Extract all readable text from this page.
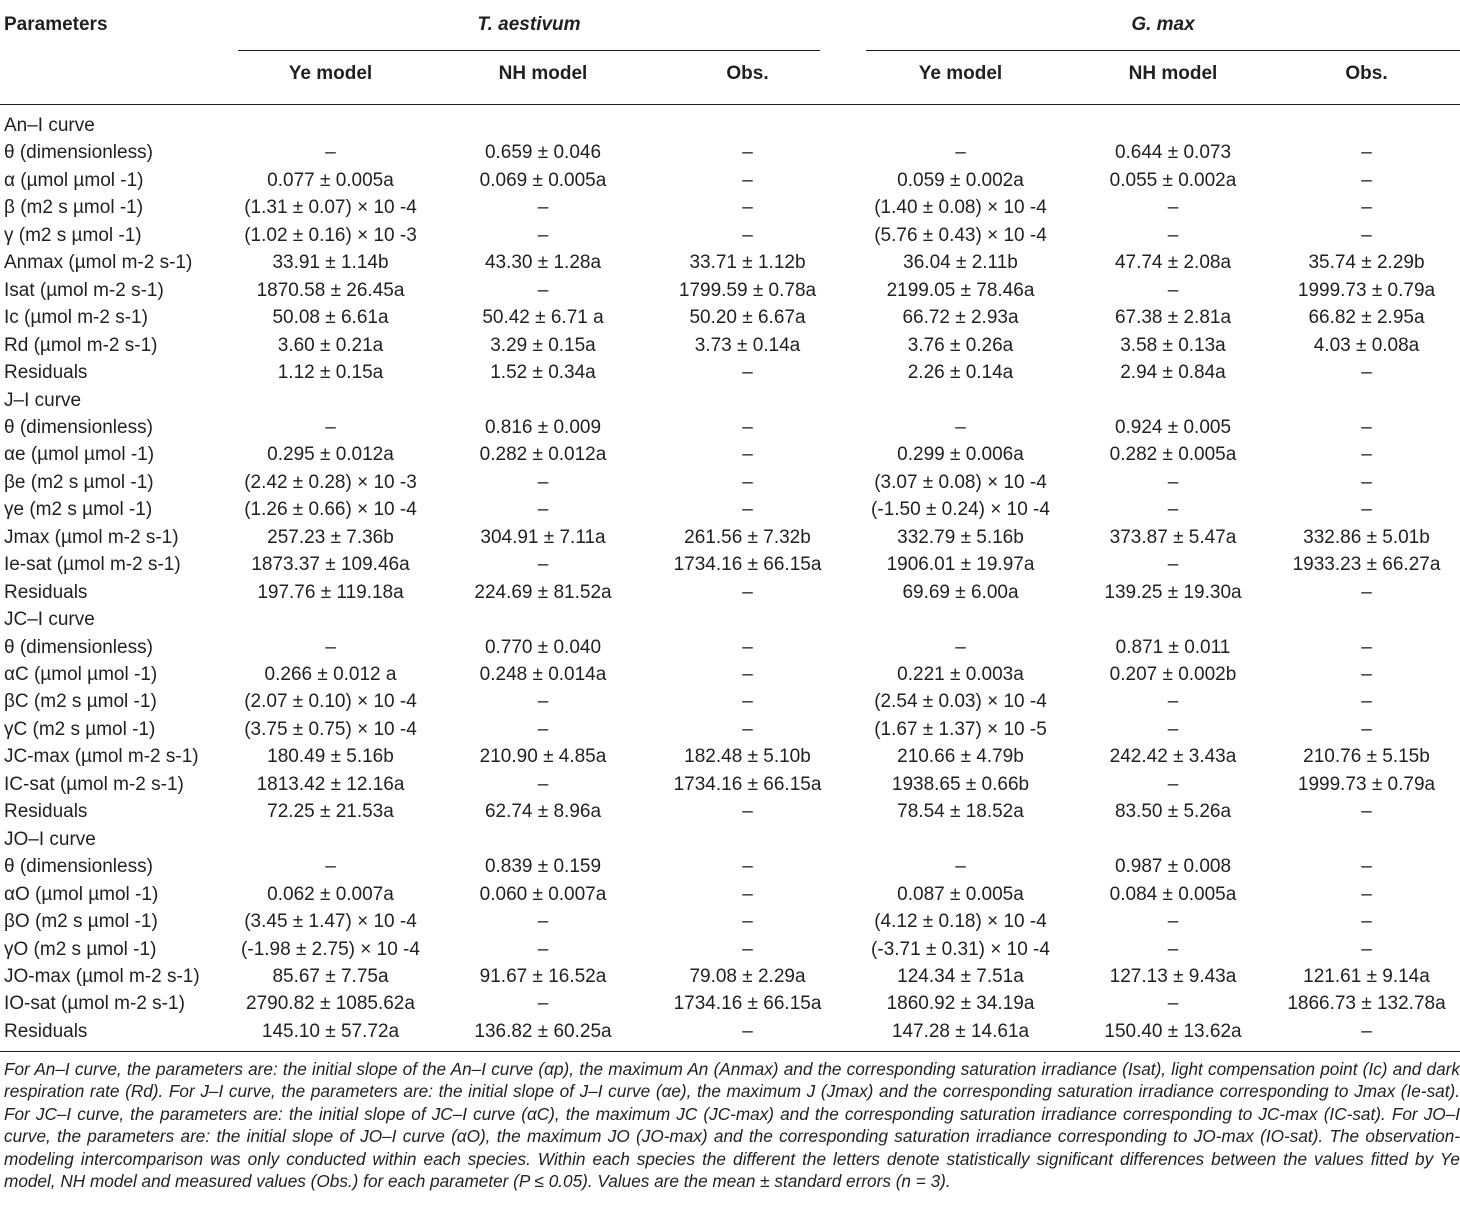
Parameters	T. aestivum	G. max
Ye model	NH model	Obs.	Ye model	NH model	Obs.
An–I curve
θ (dimensionless)	–	0.659 ± 0.046	–	–	0.644 ± 0.073	–
α (µmol µmol -1)	0.077 ± 0.005a	0.069 ± 0.005a	–	0.059 ± 0.002a	0.055 ± 0.002a	–
β (m2 s µmol -1)	(1.31 ± 0.07) × 10 -4	–	–	(1.40 ± 0.08) × 10 -4	–	–
γ (m2 s µmol -1)	(1.02 ± 0.16) × 10 -3	–	–	(5.76 ± 0.43) × 10 -4	–	–
Anmax (µmol m-2 s-1)	33.91 ± 1.14b	43.30 ± 1.28a	33.71 ± 1.12b	36.04 ± 2.11b	47.74 ± 2.08a	35.74 ± 2.29b
Isat (µmol m-2 s-1)	1870.58 ± 26.45a	–	1799.59 ± 0.78a	2199.05 ± 78.46a	–	1999.73 ± 0.79a
Ic (µmol m-2 s-1)	50.08 ± 6.61a	50.42 ± 6.71 a	50.20 ± 6.67a	66.72 ± 2.93a	67.38 ± 2.81a	66.82 ± 2.95a
Rd (µmol m-2 s-1)	3.60 ± 0.21a	3.29 ± 0.15a	3.73 ± 0.14a	3.76 ± 0.26a	3.58 ± 0.13a	4.03 ± 0.08a
Residuals	1.12 ± 0.15a	1.52 ± 0.34a	–	2.26 ± 0.14a	2.94 ± 0.84a	–
J–I curve
θ (dimensionless)	–	0.816 ± 0.009	–	–	0.924 ± 0.005	–
αe (µmol µmol -1)	0.295 ± 0.012a	0.282 ± 0.012a	–	0.299 ± 0.006a	0.282 ± 0.005a	–
βe (m2 s µmol -1)	(2.42 ± 0.28) × 10 -3	–	–	(3.07 ± 0.08) × 10 -4	–	–
γe (m2 s µmol -1)	(1.26 ± 0.66) × 10 -4	–	–	(-1.50 ± 0.24) × 10 -4	–	–
Jmax (µmol m-2 s-1)	257.23 ± 7.36b	304.91 ± 7.11a	261.56 ± 7.32b	332.79 ± 5.16b	373.87 ± 5.47a	332.86 ± 5.01b
Ie-sat (µmol m-2 s-1)	1873.37 ± 109.46a	–	1734.16 ± 66.15a	1906.01 ± 19.97a	–	1933.23 ± 66.27a
Residuals	197.76 ± 119.18a	224.69 ± 81.52a	–	69.69 ± 6.00a	139.25 ± 19.30a	–
JC–I curve
θ (dimensionless)	–	0.770 ± 0.040	–	–	0.871 ± 0.011	–
αC (µmol µmol -1)	0.266 ± 0.012 a	0.248 ± 0.014a	–	0.221 ± 0.003a	0.207 ± 0.002b	–
βC (m2 s µmol -1)	(2.07 ± 0.10) × 10 -4	–	–	(2.54 ± 0.03) × 10 -4	–	–
γC (m2 s µmol -1)	(3.75 ± 0.75) × 10 -4	–	–	(1.67 ± 1.37) × 10 -5	–	–
JC-max (µmol m-2 s-1)	180.49 ± 5.16b	210.90 ± 4.85a	182.48 ± 5.10b	210.66 ± 4.79b	242.42 ± 3.43a	210.76 ± 5.15b
IC-sat (µmol m-2 s-1)	1813.42 ± 12.16a	–	1734.16 ± 66.15a	1938.65 ± 0.66b	–	1999.73 ± 0.79a
Residuals	72.25 ± 21.53a	62.74 ± 8.96a	–	78.54 ± 18.52a	83.50 ± 5.26a	–
JO–I curve
θ (dimensionless)	–	0.839 ± 0.159	–	–	0.987 ± 0.008	–
αO (µmol µmol -1)	0.062 ± 0.007a	0.060 ± 0.007a	–	0.087 ± 0.005a	0.084 ± 0.005a	–
βO (m2 s µmol -1)	(3.45 ± 1.47) × 10 -4	–	–	(4.12 ± 0.18) × 10 -4	–	–
γO (m2 s µmol -1)	(-1.98 ± 2.75) × 10 -4	–	–	(-3.71 ± 0.31) × 10 -4	–	–
JO-max (µmol m-2 s-1)	85.67 ± 7.75a	91.67 ± 16.52a	79.08 ± 2.29a	124.34 ± 7.51a	127.13 ± 9.43a	121.61 ± 9.14a
IO-sat (µmol m-2 s-1)	2790.82 ± 1085.62a	–	1734.16 ± 66.15a	1860.92 ± 34.19a	–	1866.73 ± 132.78a
Residuals	145.10 ± 57.72a	136.82 ± 60.25a	–	147.28 ± 14.61a	150.40 ± 13.62a	–
For An–I curve, the parameters are: the initial slope of the An–I curve (αp), the maximum An (Anmax) and the corresponding saturation irradiance (Isat), light compensation point (Ic) and dark respiration rate (Rd). For J–I curve, the parameters are: the initial slope of J–I curve (αe), the maximum J (Jmax) and the corresponding saturation irradiance corresponding to Jmax (Ie-sat). For JC–I curve, the parameters are: the initial slope of JC–I curve (αC), the maximum JC (JC-max) and the corresponding saturation irradiance corresponding to JC-max (IC-sat). For JO–I curve, the parameters are: the initial slope of JO–I curve (αO), the maximum JO (JO-max) and the corresponding saturation irradiance corresponding to JO-max (IO-sat). The observation-modeling intercomparison was only conducted within each species. Within each species the different the letters denote statistically significant differences between the values fitted by Ye model, NH model and measured values (Obs.) for each parameter (P ≤ 0.05). Values are the mean ± standard errors (n = 3).
